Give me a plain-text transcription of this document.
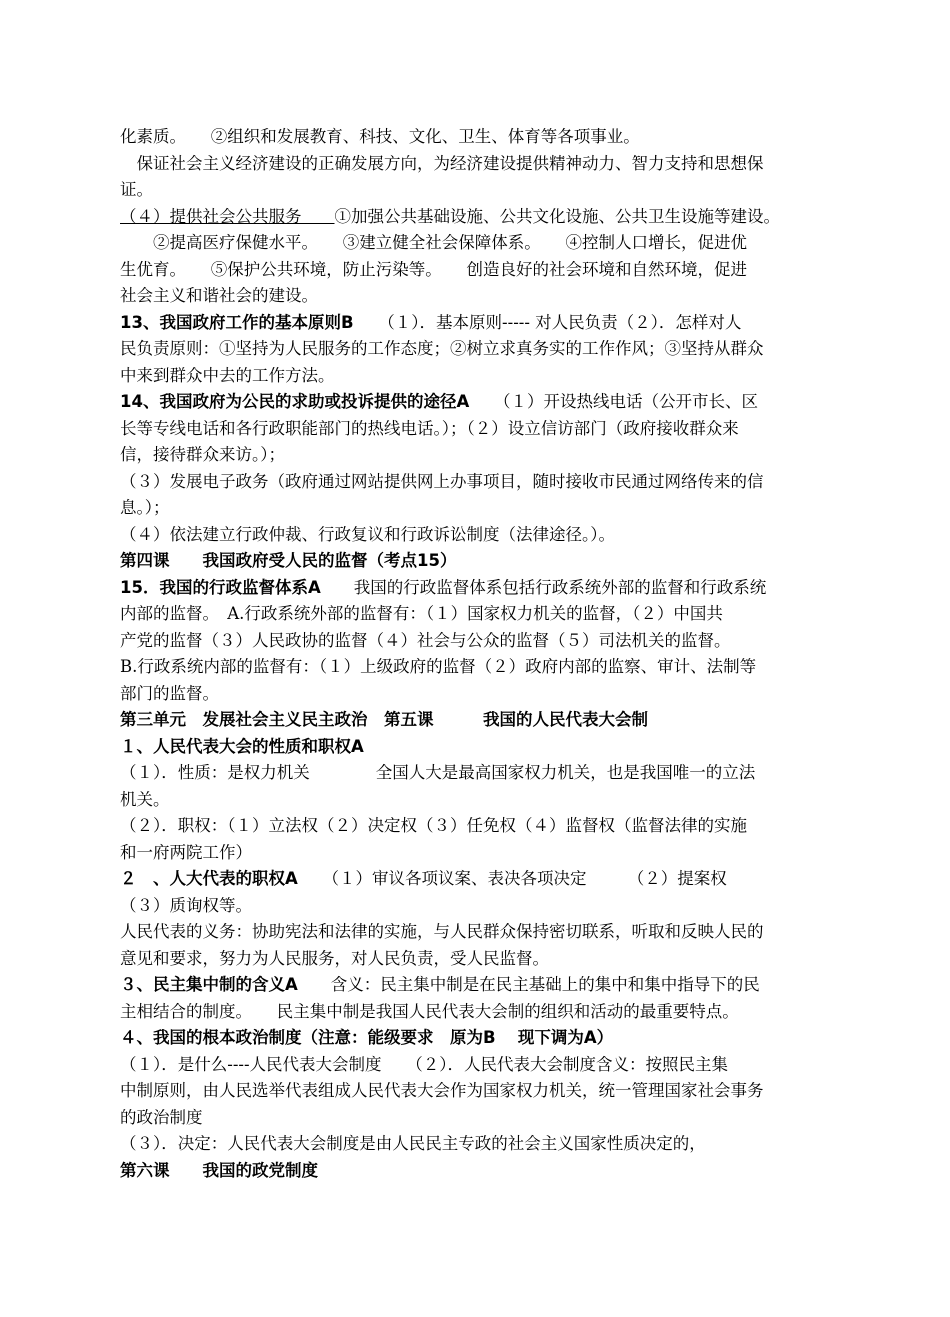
化素质。　　②组织和发展教育、科技、文化、卫生、体育等各项事业。
　保证社会主义经济建设的正确发展方向，为经济建设提供精神动力、智力支持和思想保
证。
（４）提供社会公共服务　　①加强公共基础设施、公共文化设施、公共卫生设施等建设。
　　②提高医疗保健水平。　　③建立健全社会保障体系。　　④控制人口增长，促进优
生优育。　　⑤保护公共环境，防止污染等。　　创造良好的社会环境和自然环境，促进
社会主义和谐社会的建设。
13、我国政府工作的基本原则B　　（１）．基本原则----- 对人民负责（２）．怎样对人
民负责原则：①坚持为人民服务的工作态度；②树立求真务实的工作作风；③坚持从群众
中来到群众中去的工作方法。
14、我国政府为公民的求助或投诉提供的途径A　　（１）开设热线电话（公开市长、区
长等专线电话和各行政职能部门的热线电话。）；（２）设立信访部门（政府接收群众来
信，接待群众来访。）；
（３）发展电子政务（政府通过网站提供网上办事项目，随时接收市民通过网络传来的信
息。）；
（４）依法建立行政仲裁、行政复议和行政诉讼制度（法律途径。）。
第四课　　我国政府受人民的监督（考点15）
15．我国的行政监督体系A　　我国的行政监督体系包括行政系统外部的监督和行政系统
内部的监督。　A.行政系统外部的监督有：（１）国家权力机关的监督，（２）中国共
产党的监督（３）人民政协的监督（４）社会与公众的监督（５）司法机关的监督。
B.行政系统内部的监督有：（１）上级政府的监督（２）政府内部的监察、审计、法制等
部门的监督。
第三单元　发展社会主义民主政治　第五课　　　我国的人民代表大会制
１、人民代表大会的性质和职权A
（１）．性质：是权力机关　　　　全国人大是最高国家权力机关，也是我国唯一的立法
机关。
（２）．职权：（１）立法权（２）决定权（３）任免权（４）监督权（监督法律的实施
和一府两院工作）
２　、人大代表的职权A　　（１）审议各项议案、表决各项决定　　　（２）提案权
（３）质询权等。
人民代表的义务：协助宪法和法律的实施，与人民群众保持密切联系，听取和反映人民的
意见和要求，努力为人民服务，对人民负责，受人民监督。
３、民主集中制的含义A　　含义：民主集中制是在民主基础上的集中和集中指导下的民
主相结合的制度。　　民主集中制是我国人民代表大会制的组织和活动的最重要特点。
４、我国的根本政治制度（注意：能级要求　原为B　 现下调为A）
（１）．是什么----人民代表大会制度　　（２）．人民代表大会制度含义：按照民主集
中制原则，由人民选举代表组成人民代表大会作为国家权力机关，统一管理国家社会事务
的政治制度
（３）．决定：人民代表大会制度是由人民民主专政的社会主义国家性质决定的，
第六课　　我国的政党制度
